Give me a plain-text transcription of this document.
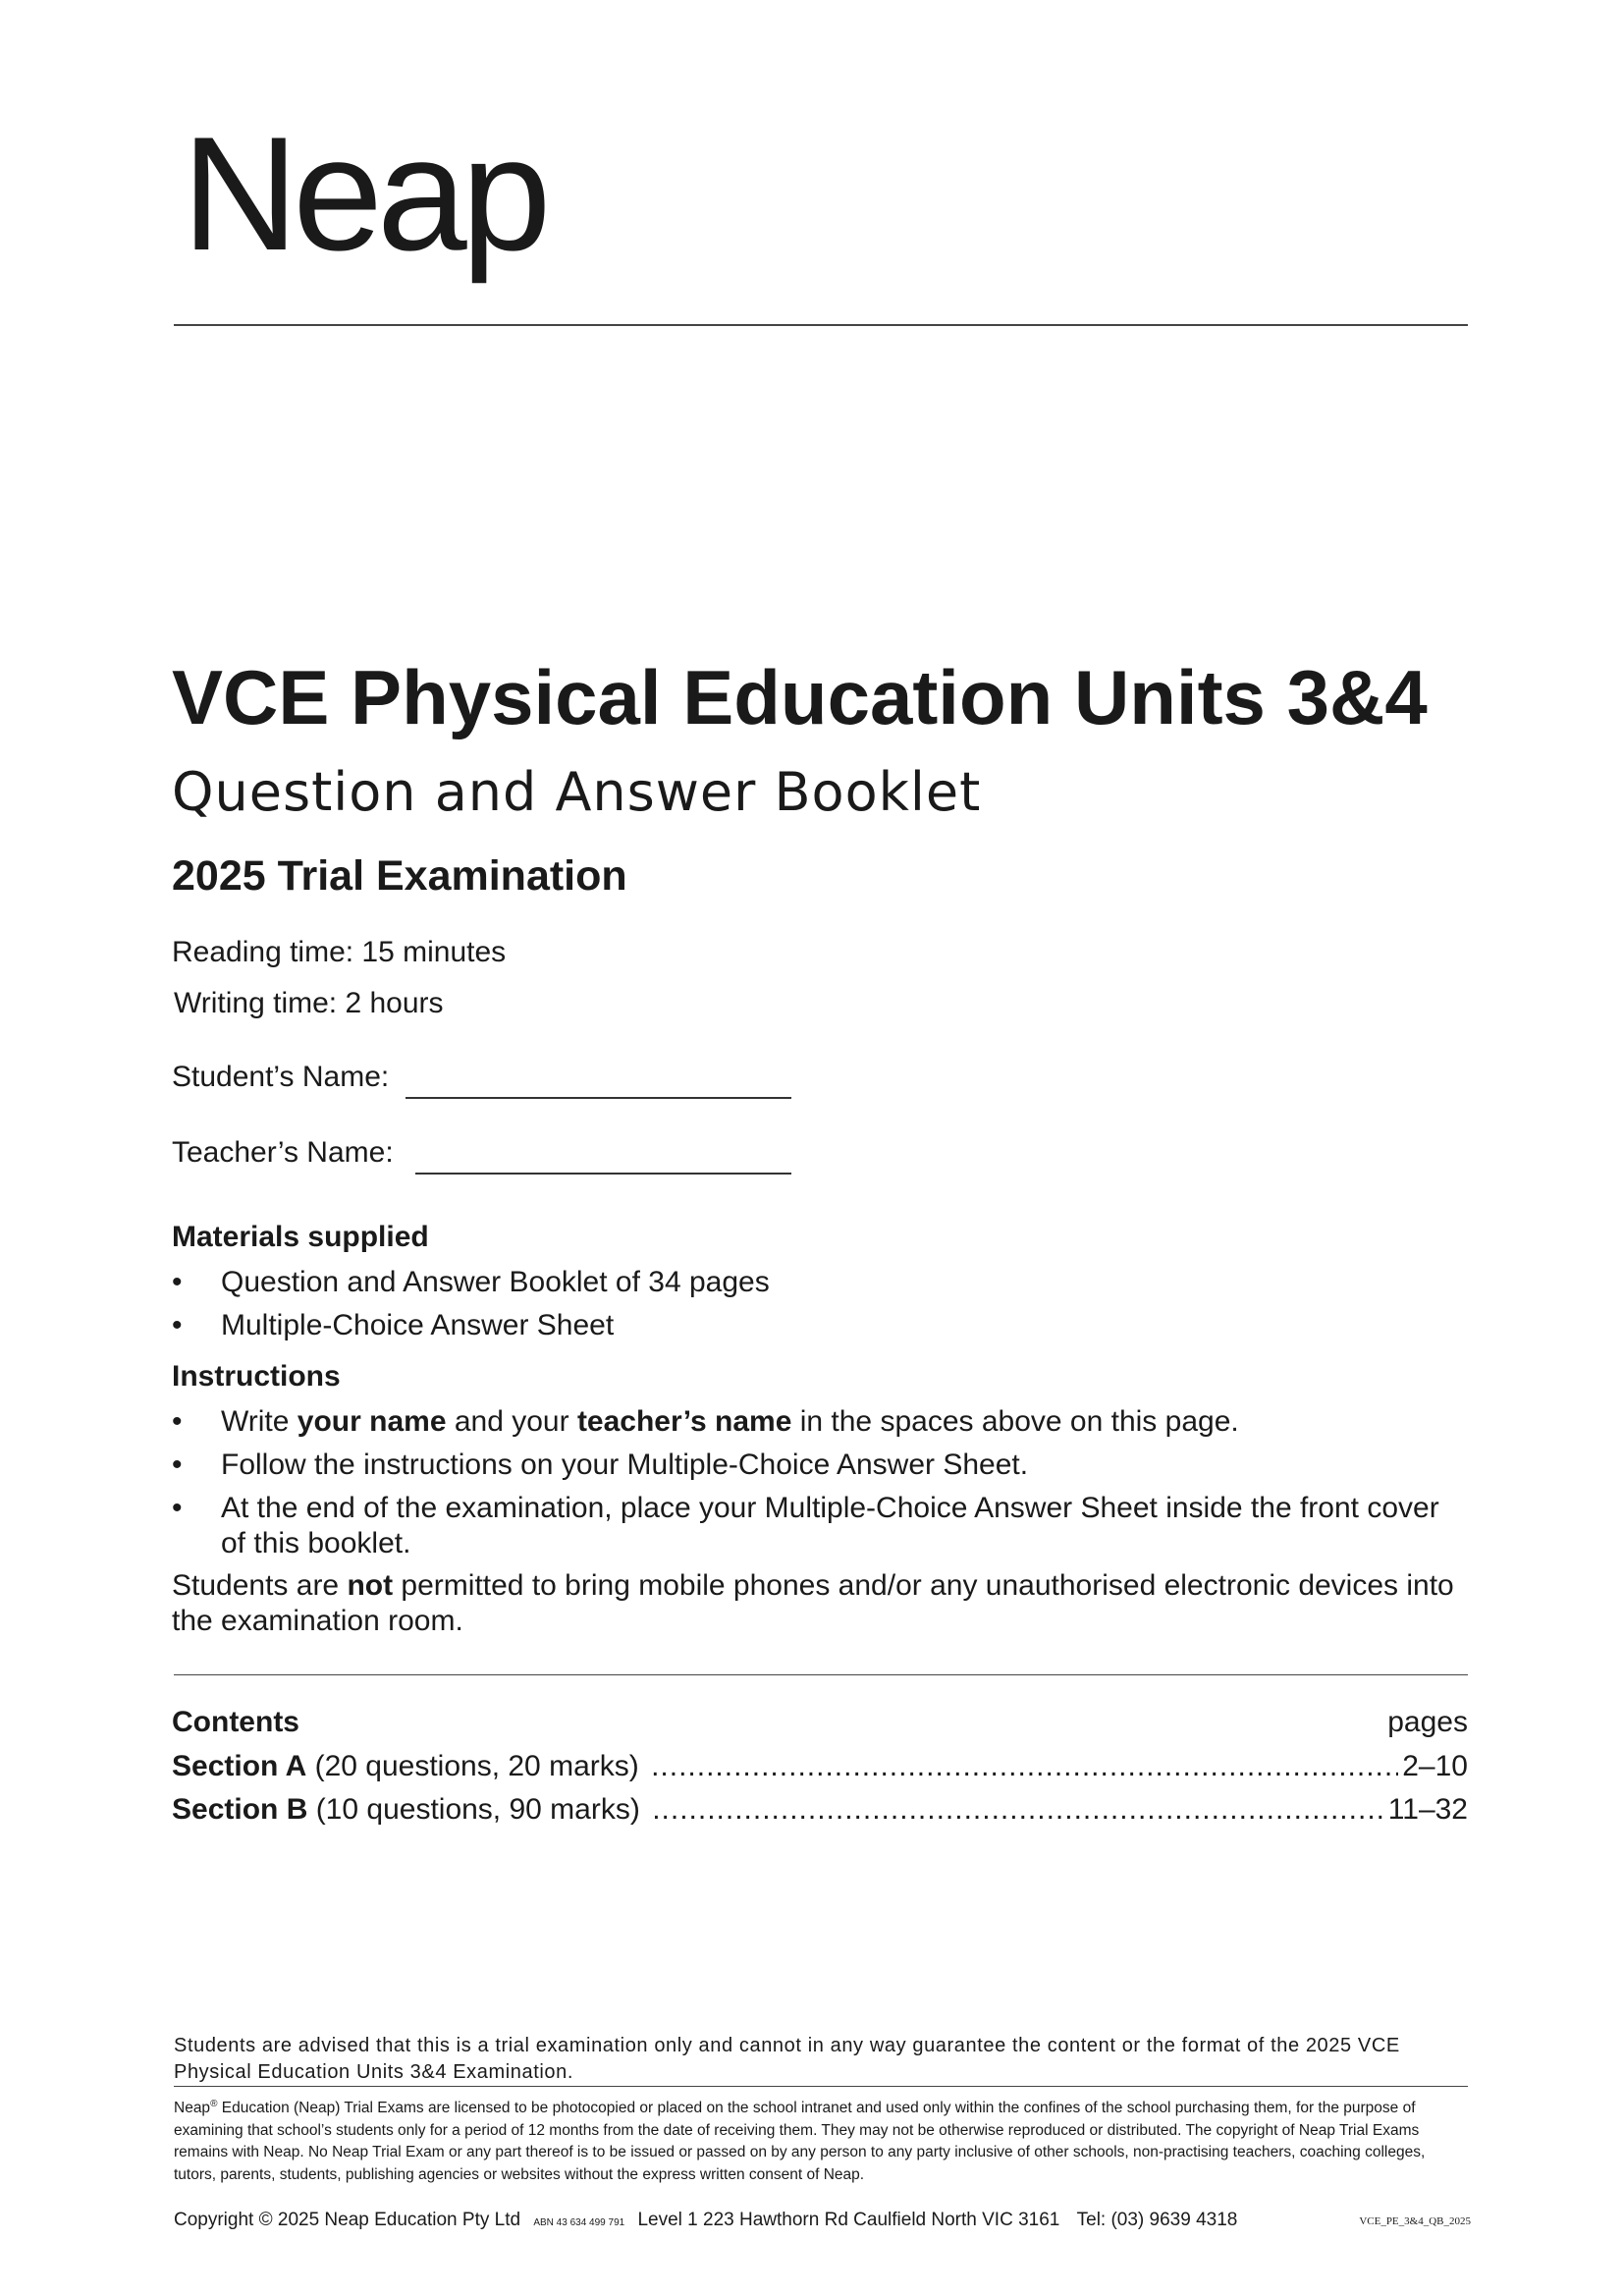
Neap
VCE Physical Education Units 3&4
Question and Answer Booklet
2025 Trial Examination
Reading time: 15 minutes
Writing time: 2 hours
Student’s Name:
Teacher’s Name:
Materials supplied
• Question and Answer Booklet of 34 pages
• Multiple-Choice Answer Sheet
Instructions
• Write your name and your teacher’s name in the spaces above on this page.
• Follow the instructions on your Multiple-Choice Answer Sheet.
• At the end of the examination, place your Multiple-Choice Answer Sheet inside the front cover of this booklet.
Students are not permitted to bring mobile phones and/or any unauthorised electronic devices into the examination room.
Contents	pages
Section A (20 questions, 20 marks) .....	2–10
Section B (10 questions, 90 marks) .....	11–32
Students are advised that this is a trial examination only and cannot in any way guarantee the content or the format of the 2025 VCE Physical Education Units 3&4 Examination.
Neap® Education (Neap) Trial Exams are licensed to be photocopied or placed on the school intranet and used only within the confines of the school purchasing them, for the purpose of examining that school’s students only for a period of 12 months from the date of receiving them. They may not be otherwise reproduced or distributed. The copyright of Neap Trial Exams remains with Neap. No Neap Trial Exam or any part thereof is to be issued or passed on by any person to any party inclusive of other schools, non-practising teachers, coaching colleges, tutors, parents, students, publishing agencies or websites without the express written consent of Neap.
Copyright © 2025 Neap Education Pty Ltd ABN 43 634 499 791 Level 1 223 Hawthorn Rd Caulfield North VIC 3161 Tel: (03) 9639 4318	VCE_PE_3&4_QB_2025
